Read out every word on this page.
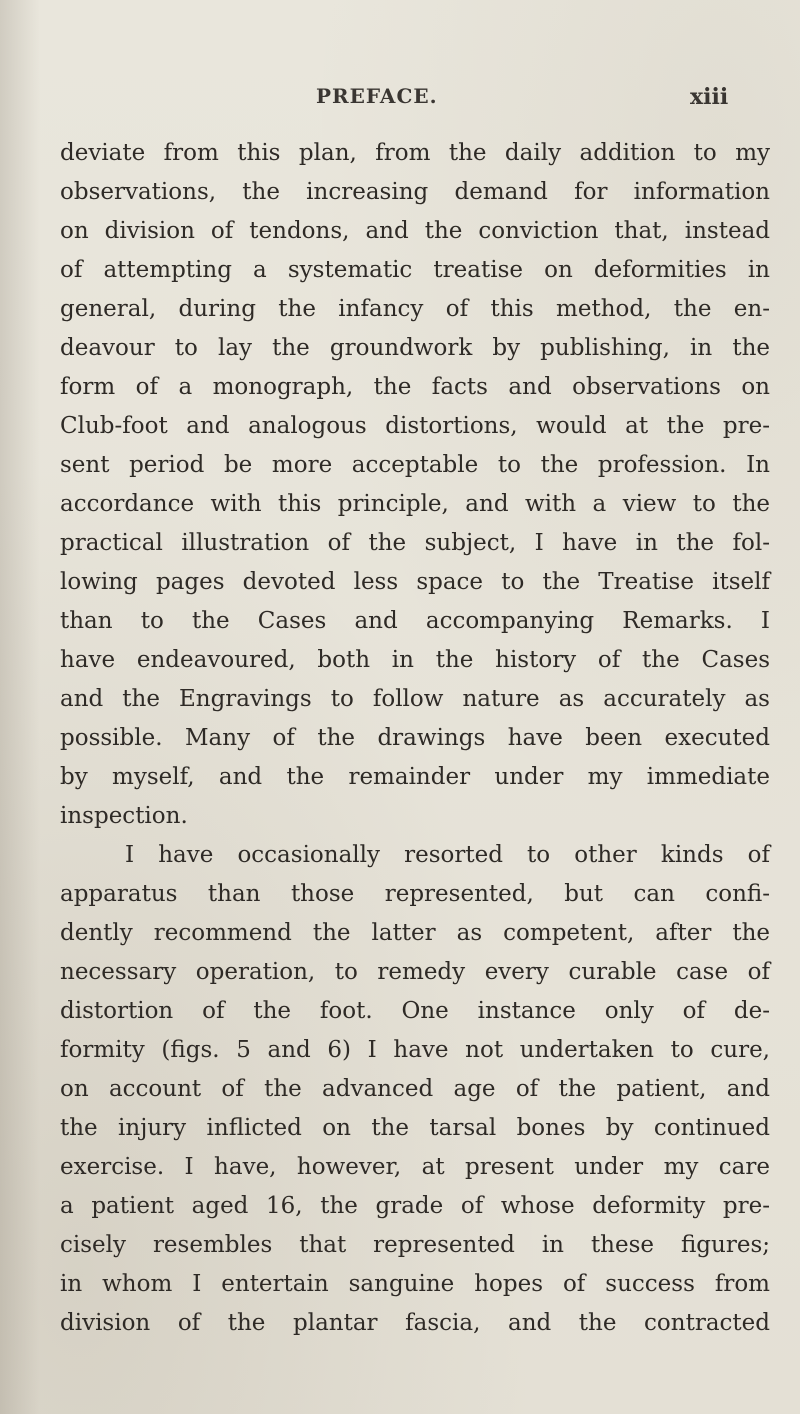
PREFACE.	xiii
deviate from this plan, from the daily addition to my
observations, the increasing demand for information
on division of tendons, and the conviction that, instead
of attempting a systematic treatise on deformities in
general, during the infancy of this method, the en-
deavour to lay the groundwork by publishing, in the
form of a monograph, the facts and observations on
Club-foot and analogous distortions, would at the pre-
sent period be more acceptable to the profession. In
accordance with this principle, and with a view to the
practical illustration of the subject, I have in the fol-
lowing pages devoted less space to the Treatise itself
than to the Cases and accompanying Remarks. I
have endeavoured, both in the history of the Cases
and the Engravings to follow nature as accurately as
possible. Many of the drawings have been executed
by myself, and the remainder under my immediate
inspection.
I have occasionally resorted to other kinds of
apparatus than those represented, but can confi-
dently recommend the latter as competent, after the
necessary operation, to remedy every curable case of
distortion of the foot. One instance only of de-
formity (figs. 5 and 6) I have not undertaken to cure,
on account of the advanced age of the patient, and
the injury inflicted on the tarsal bones by continued
exercise. I have, however, at present under my care
a patient aged 16, the grade of whose deformity pre-
cisely resembles that represented in these figures;
in whom I entertain sanguine hopes of success from
division of the plantar fascia, and the contracted
